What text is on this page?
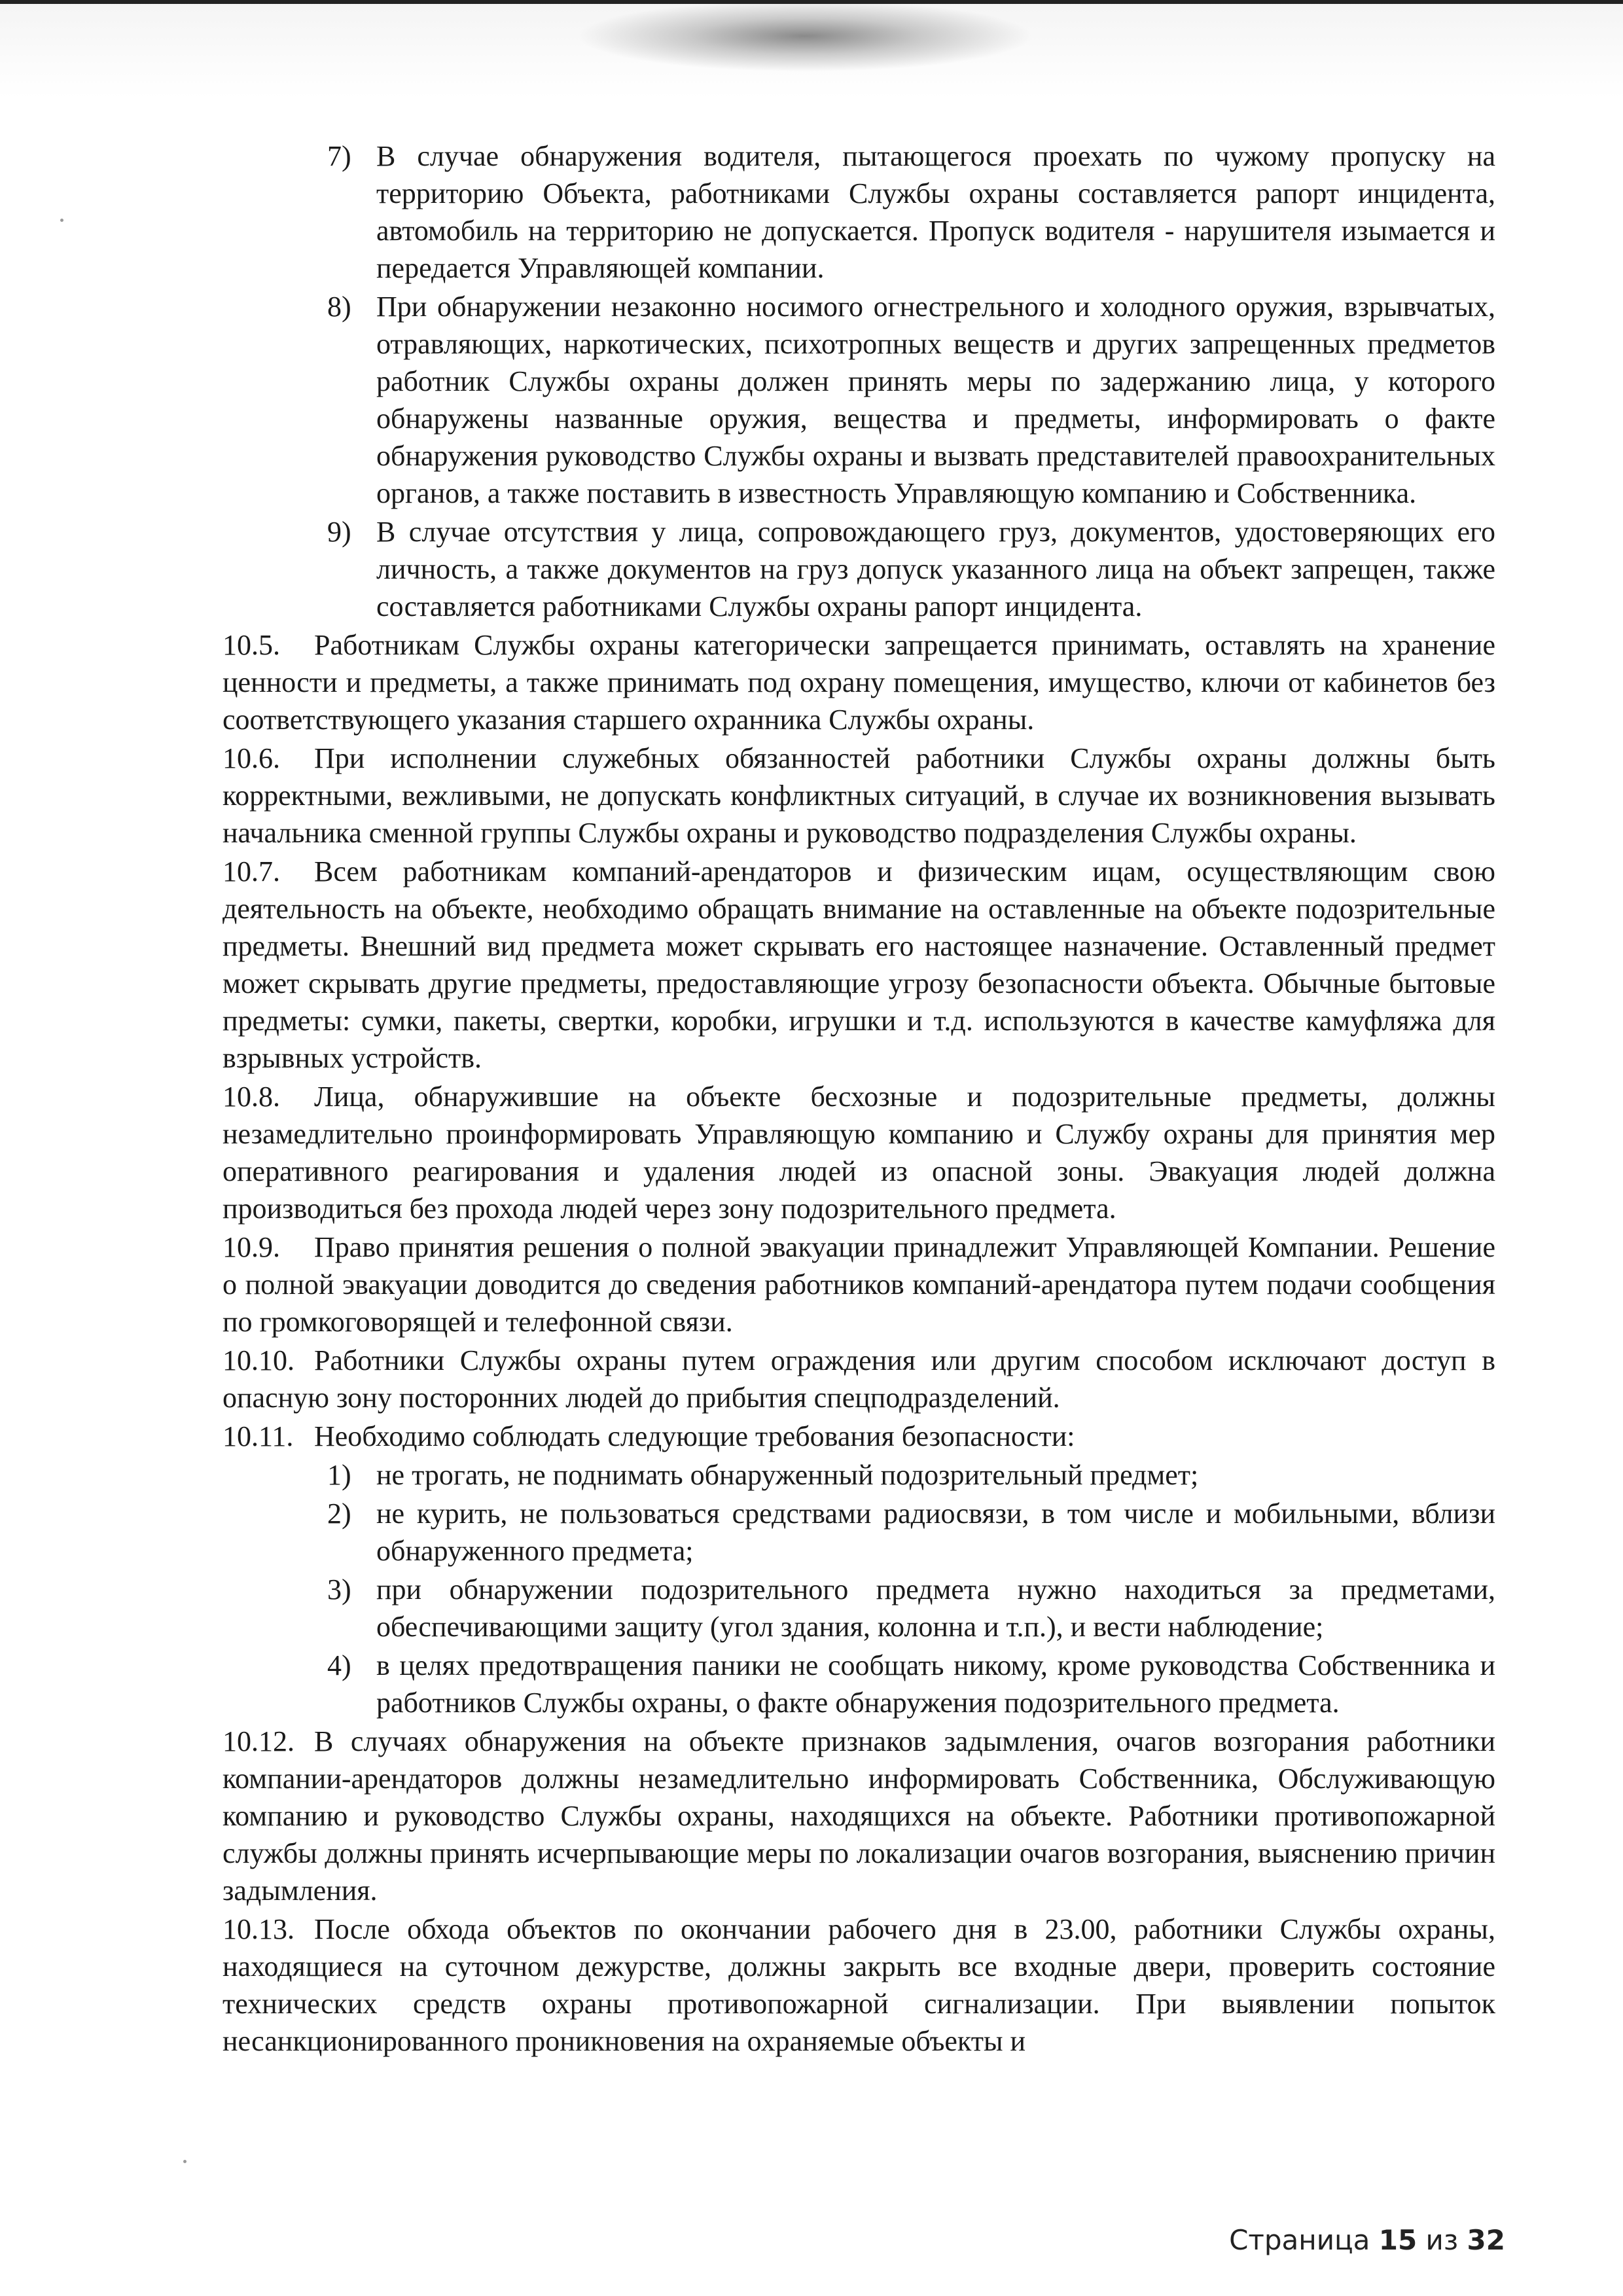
7) В случае обнаружения водителя, пытающегося проехать по чужому пропуску на территорию Объекта, работниками Службы охраны составляется рапорт инцидента, автомобиль на территорию не допускается. Пропуск водителя - нарушителя изымается и передается Управляющей компании.
8) При обнаружении незаконно носимого огнестрельного и холодного оружия, взрывчатых, отравляющих, наркотических, психотропных веществ и других запрещенных предметов работник Службы охраны должен принять меры по задержанию лица, у которого обнаружены названные оружия, вещества и предметы, информировать о факте обнаружения руководство Службы охраны и вызвать представителей правоохранительных органов, а также поставить в известность Управляющую компанию и Собственника.
9) В случае отсутствия у лица, сопровождающего груз, документов, удостоверяющих его личность, а также документов на груз допуск указанного лица на объект запрещен, также составляется работниками Службы охраны рапорт инцидента.
10.5. Работникам Службы охраны категорически запрещается принимать, оставлять на хранение ценности и предметы, а также принимать под охрану помещения, имущество, ключи от кабинетов без соответствующего указания старшего охранника Службы охраны.
10.6. При исполнении служебных обязанностей работники Службы охраны должны быть корректными, вежливыми, не допускать конфликтных ситуаций, в случае их возникновения вызывать начальника сменной группы Службы охраны и руководство подразделения Службы охраны.
10.7. Всем работникам компаний-арендаторов и физическим ицам, осуществляющим свою деятельность на объекте, необходимо обращать внимание на оставленные на объекте подозрительные предметы. Внешний вид предмета может скрывать его настоящее назначение. Оставленный предмет может скрывать другие предметы, предоставляющие угрозу безопасности объекта. Обычные бытовые предметы: сумки, пакеты, свертки, коробки, игрушки и т.д. используются в качестве камуфляжа для взрывных устройств.
10.8. Лица, обнаружившие на объекте бесхозные и подозрительные предметы, должны незамедлительно проинформировать Управляющую компанию и Службу охраны для принятия мер оперативного реагирования и удаления людей из опасной зоны. Эвакуация людей должна производиться без прохода людей через зону подозрительного предмета.
10.9. Право принятия решения о полной эвакуации принадлежит Управляющей Компании. Решение о полной эвакуации доводится до сведения работников компаний-арендатора путем подачи сообщения по громкоговорящей и телефонной связи.
10.10. Работники Службы охраны путем ограждения или другим способом исключают доступ в опасную зону посторонних людей до прибытия спецподразделений.
10.11. Необходимо соблюдать следующие требования безопасности:
1) не трогать, не поднимать обнаруженный подозрительный предмет;
2) не курить, не пользоваться средствами радиосвязи, в том числе и мобильными, вблизи обнаруженного предмета;
3) при обнаружении подозрительного предмета нужно находиться за предметами, обеспечивающими защиту (угол здания, колонна и т.п.), и вести наблюдение;
4) в целях предотвращения паники не сообщать никому, кроме руководства Собственника и работников Службы охраны, о факте обнаружения подозрительного предмета.
10.12. В случаях обнаружения на объекте признаков задымления, очагов возгорания работники компании-арендаторов должны незамедлительно информировать Собственника, Обслуживающую компанию и руководство Службы охраны, находящихся на объекте. Работники противопожарной службы должны принять исчерпывающие меры по локализации очагов возгорания, выяснению причин задымления.
10.13. После обхода объектов по окончании рабочего дня в 23.00, работники Службы охраны, находящиеся на суточном дежурстве, должны закрыть все входные двери, проверить состояние технических средств охраны противопожарной сигнализации. При выявлении попыток несанкционированного проникновения на охраняемые объекты и
Страница 15 из 32
